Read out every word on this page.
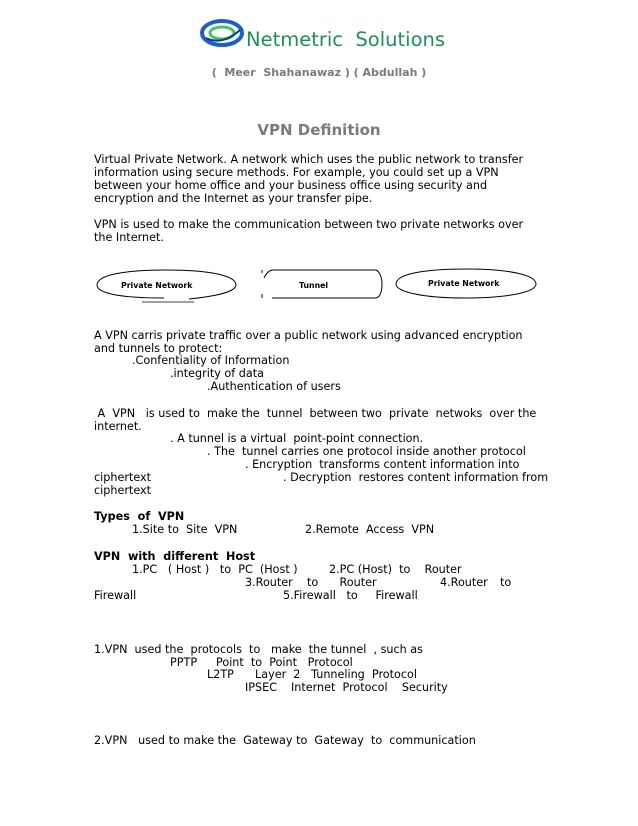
Netmetric  Solutions
(  Meer  Shahanawaz ) ( Abdullah )
VPN Definition
Virtual Private Network. A network which uses the public network to transfer information using secure methods. For example, you could set up a VPN between your home office and your business office using security and encryption and the Internet as your transfer pipe.
VPN is used to make the communication between two private networks over the Internet.
Private Network	Tunnel	Private Network
A VPN carris private traffic over a public network using advanced encryption and tunnels to protect:
.Confentiality of Information
.integrity of data
.Authentication of users
A  VPN   is used to  make the  tunnel  between two  private  netwoks  over the
internet.
. A tunnel is a virtual  point-point connection.
. The  tunnel carries one protocol inside another protocol
. Encryption  transforms content information into
ciphertext	. Decryption  restores content information from
ciphertext
Types  of  VPN
1.Site to  Site  VPN	2.Remote  Access  VPN
VPN  with  different  Host
1.PC   ( Host )   to  PC  (Host )	2.PC (Host)  to    Router
3.Router    to      Router	4.Router to
Firewall	5.Firewall   to     Firewall
1.VPN  used the  protocols  to   make  the tunnel  , such as
PPTP Point  to  Point   Protocol
L2TP Layer  2   Tunneling  Protocol
IPSEC Internet  Protocol    Security
2.VPN   used to make the  Gateway to  Gateway  to  communication
